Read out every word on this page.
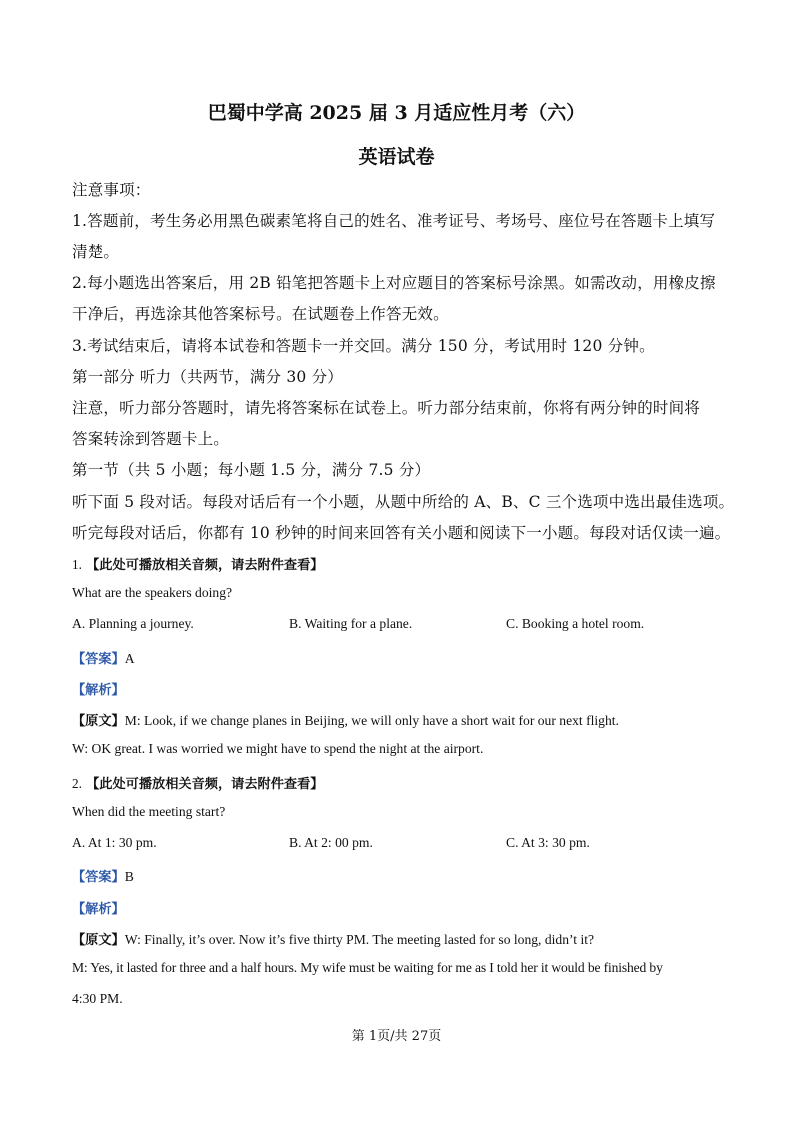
巴蜀中学高 2025 届 3 月适应性月考（六）
英语试卷
注意事项：
1.答题前，考生务必用黑色碳素笔将自己的姓名、准考证号、考场号、座位号在答题卡上填写
清楚。
2.每小题选出答案后，用 2B 铅笔把答题卡上对应题目的答案标号涂黑。如需改动，用橡皮擦
干净后，再选涂其他答案标号。在试题卷上作答无效。
3.考试结束后，请将本试卷和答题卡一并交回。满分 150 分，考试用时 120 分钟。
第一部分 听力（共两节，满分 30 分）
注意，听力部分答题时，请先将答案标在试卷上。听力部分结束前，你将有两分钟的时间将
答案转涂到答题卡上。
第一节（共 5 小题；每小题 1.5 分，满分 7.5 分）
听下面 5 段对话。每段对话后有一个小题，从题中所给的 A、B、C 三个选项中选出最佳选项。
听完每段对话后，你都有 10 秒钟的时间来回答有关小题和阅读下一小题。每段对话仅读一遍。
1. 【此处可播放相关音频，请去附件查看】
What are the speakers doing?
A. Planning a journey.	B. Waiting for a plane.	C. Booking a hotel room.
【答案】A
【解析】
【原文】M: Look, if we change planes in Beijing, we will only have a short wait for our next flight.
W: OK great. I was worried we might have to spend the night at the airport.
2. 【此处可播放相关音频，请去附件查看】
When did the meeting start?
A. At 1: 30 pm.	B. At 2: 00 pm.	C. At 3: 30 pm.
【答案】B
【解析】
【原文】W: Finally, it’s over. Now it’s five thirty PM. The meeting lasted for so long, didn’t it?
M: Yes, it lasted for three and a half hours. My wife must be waiting for me as I told her it would be finished by
4:30 PM.
第 1页/共 27页
